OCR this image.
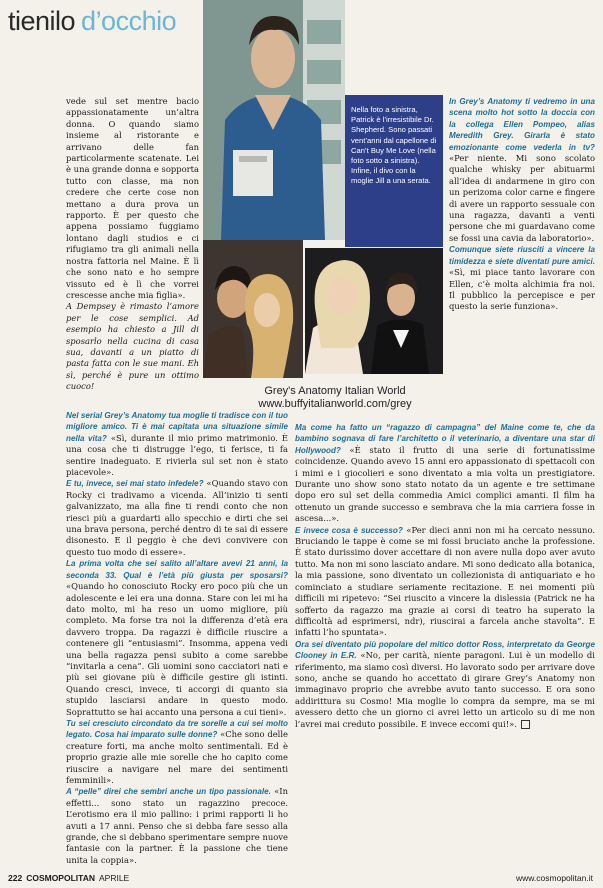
tienilo d’occhio
Nella foto a sinistra, Patrick è l’irresistibile Dr. Shepherd. Sono passati vent’anni dal capellone di Can’t Buy Me Love (nella foto sotto a sinistra). Infine, il divo con la moglie Jill a una serata.
Grey's Anatomy Italian World
www.buffyitalianworld.com/grey

vede sul set mentre bacio appassionatamente un’altra donna. O quando siamo insieme al ristorante e arrivano delle fan particolarmente scatenate. Lei è una grande donna e sopporta tutto con classe, ma non credere che certe cose non mettano a dura prova un rapporto. È per questo che appena possiamo fuggiamo lontano dagli studios e ci rifugiamo tra gli animali nella nostra fattoria nel Maine. È lì che sono nato e ho sempre vissuto ed è lì che vorrei crescesse anche mia figlia».

A Dempsey è rimasto l’amore per le cose semplici. Ad esempio ha chiesto a Jill di sposarlo nella cucina di casa sua, davanti a un piatto di pasta fatta con le sue mani. Eh sì, perché è pure un ottimo cuoco!

Nel serial Grey’s Anatomy tua moglie ti tradisce con il tuo migliore amico. Ti è mai capitata una situazione simile nella vita? «Sì, durante il mio primo matrimonio. È una cosa che ti distrugge l’ego, ti ferisce, ti fa sentire inadeguato. E rivierla sul set non è stato piacevole».

E tu, invece, sei mai stato infedele? «Quando stavo con Rocky ci tradivamo a vicenda. All’inizio ti senti galvanizzato, ma alla fine ti rendi conto che non riesci più a guardarti allo specchio e dirti che sei una brava persona, perché dentro di te sai di essere disonesto. E il peggio è che devi convivere con questo tuo modo di essere».

La prima volta che sei salito all’altare avevi 21 anni, la seconda 33. Qual è l’età più giusta per sposarsi? «Quando ho conosciuto Rocky ero poco più che un adolescente e lei era una donna. Stare con lei mi ha dato molto, mi ha reso un uomo migliore, più completo. Ma forse tra noi la differenza d’età era davvero troppa. Da ragazzi è difficile riuscire a contenere gli “entusiasmi”. Insomma, appena vedi una bella ragazza pensi subito a come sarebbe “invitarla a cena”. Gli uomini sono cacciatori nati e più sei giovane più è difficile gestire gli istinti. Quando cresci, invece, ti accorgi di quanto sia stupido lasciarsi andare in questo modo. Soprattutto se hai accanto una persona a cui tieni».

Tu sei cresciuto circondato da tre sorelle a cui sei molto legato. Cosa hai imparato sulle donne? «Che sono delle creature forti, ma anche molto sentimentali. Ed è proprio grazie alle mie sorelle che ho capito come riuscire a navigare nel mare dei sentimenti femminili».

A “pelle” direi che sembri anche un tipo passionale. «In effetti... sono stato un ragazzino precoce. L’erotismo era il mio pallino: i primi rapporti li ho avuti a 17 anni. Penso che si debba fare sesso alla grande, che si debbano sperimentare sempre nuove fantasie con la partner. È la passione che tiene unita la coppia».

In Grey’s Anatomy ti vedremo in una scena molto hot sotto la doccia con la collega Ellen Pompeo, alias Meredith Grey. Girarla è stato emozionante come vederla in tv? «Per niente. Mi sono scolato qualche whisky per abituarmi all’idea di andarmene in giro con un perizoma color carne e fingere di avere un rapporto sessuale con una ragazza, davanti a venti persone che mi guardavano come se fossi una cavia da laboratorio».

Comunque siete riusciti a vincere la timidezza e siete diventati pure amici. «Sì, mi piace tanto lavorare con Ellen, c’è molta alchimia fra noi. Il pubblico la percepisce e per questo la serie funziona».

Ma come ha fatto un “ragazzo di campagna” del Maine come te, che da bambino sognava di fare l’architetto o il veterinario, a diventare una star di Hollywood? «È stato il frutto di una serie di fortunatissime coincidenze. Quando avevo 15 anni ero appassionato di spettacoli con i mimi e i giocolieri e sono diventato a mia volta un prestigiatore. Durante uno show sono stato notato da un agente e tre settimane dopo ero sul set della commedia Amici complici amanti. Il film ha ottenuto un grande successo e sembrava che la mia carriera fosse in ascesa...».

E invece cosa è successo? «Per dieci anni non mi ha cercato nessuno. Bruciando le tappe è come se mi fossi bruciato anche la professione. È stato durissimo dover accettare di non avere nulla dopo aver avuto tutto. Ma non mi sono lasciato andare. Mi sono dedicato alla botanica, la mia passione, sono diventato un collezionista di antiquariato e ho cominciato a studiare seriamente recitazione. E nei momenti più difficili mi ripetevo: “Sei riuscito a vincere la dislessia (Patrick ne ha sofferto da ragazzo ma grazie ai corsi di teatro ha superato la difficoltà ad esprimersi, ndr), riuscirai a farcela anche stavolta”. E infatti l’ho spuntata».

Ora sei diventato più popolare del mitico dottor Ross, interpretato da George Clooney in E.R. «No, per carità, niente paragoni. Lui è un modello di riferimento, ma siamo così diversi. Ho lavorato sodo per arrivare dove sono, anche se quando ho accettato di girare Grey’s Anatomy non immaginavo proprio che avrebbe avuto tanto successo. E ora sono addirittura su Cosmo! Mia moglie lo compra da sempre, ma se mi avessero detto che un giorno ci avrei letto un articolo su di me non l’avrei mai creduto possibile. E invece eccomi qui!».

222 COSMOPOLITAN APRILE	www.cosmopolitan.it
